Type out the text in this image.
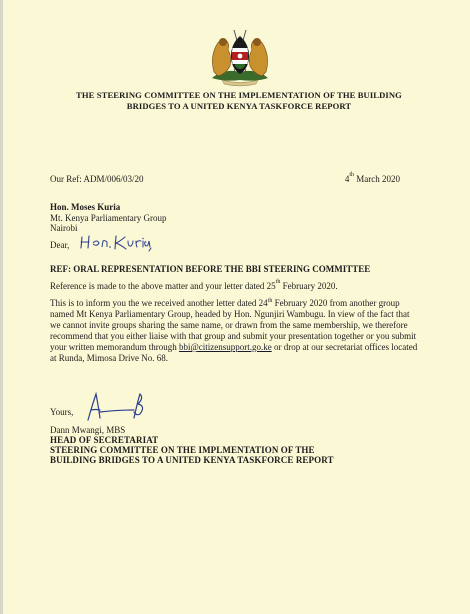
THE STEERING COMMITTEE ON THE IMPLEMENTATION OF THE BUILDING
BRIDGES TO A UNITED KENYA TASKFORCE REPORT
Our Ref: ADM/006/03/20	4th March 2020
Hon. Moses Kuria
Mt. Kenya Parliamentary Group
Nairobi
Dear,
REF: ORAL REPRESENTATION BEFORE THE BBI STEERING COMMITTEE
Reference is made to the above matter and your letter dated 25th February 2020.
This is to inform you the we received another letter dated 24th February 2020 from another group named Mt Kenya Parliamentary Group, headed by Hon. Ngunjiri Wambugu. In view of the fact that we cannot invite groups sharing the same name, or drawn from the same membership, we therefore recommend that you either liaise with that group and submit your presentation together or you submit your written memorandum through bbi@citizensupport.go.ke or drop at our secretariat offices located at Runda, Mimosa Drive No. 68.
Yours,
Dann Mwangi, MBS
HEAD OF SECRETARIAT
STEERING COMMITTEE ON THE IMPLMENTATION OF THE
BUILDING BRIDGES TO A UNITED KENYA TASKFORCE REPORT
